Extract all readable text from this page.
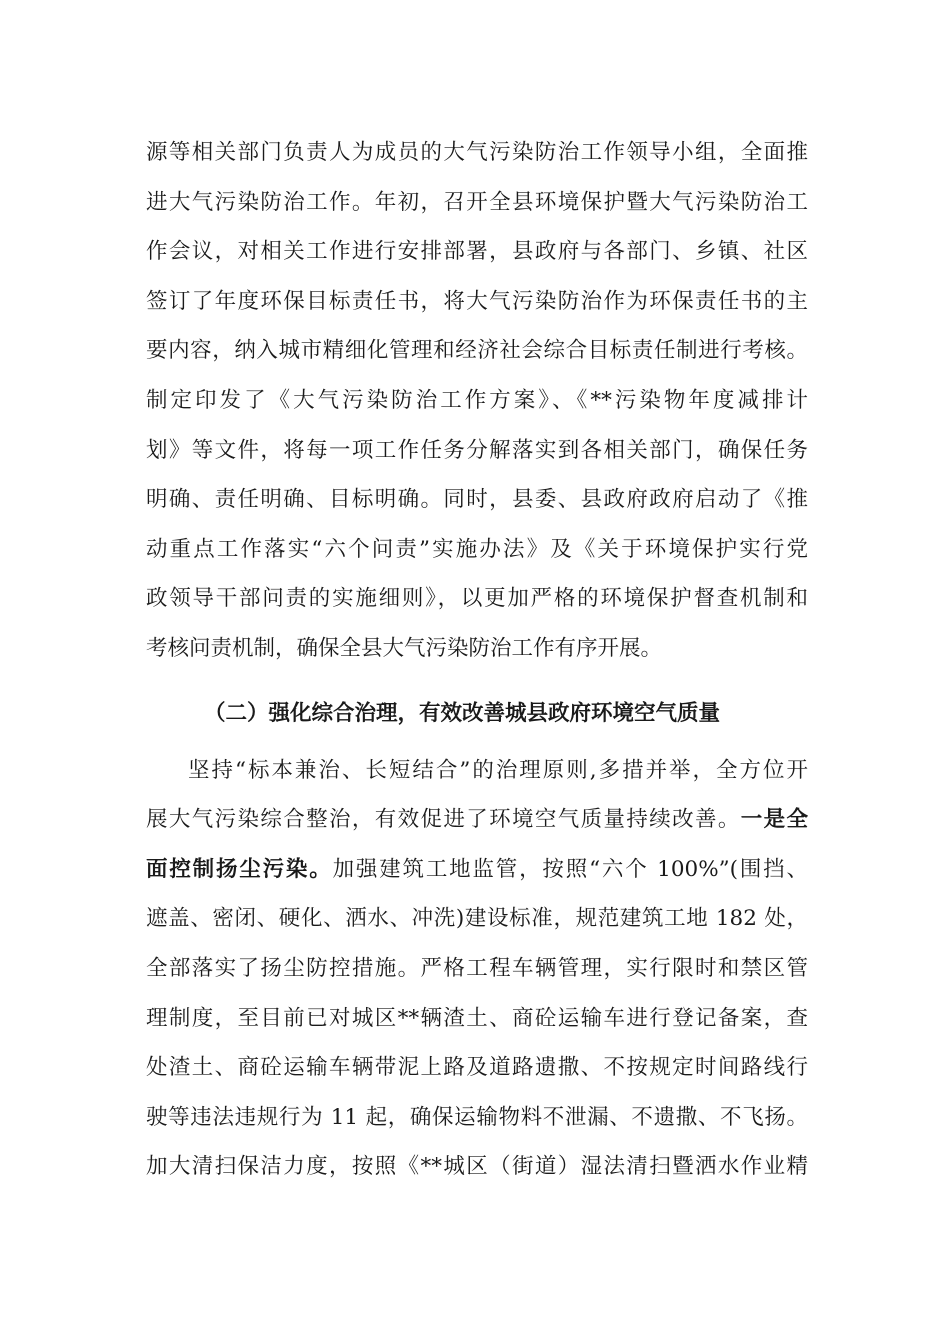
源等相关部门负责人为成员的大气污染防治工作领导小组，全面推
进大气污染防治工作。年初，召开全县环境保护暨大气污染防治工
作会议，对相关工作进行安排部署，县政府与各部门、乡镇、社区
签订了年度环保目标责任书，将大气污染防治作为环保责任书的主
要内容，纳入城市精细化管理和经济社会综合目标责任制进行考核。
制定印发了《大气污染防治工作方案》、《**污染物年度减排计
划》等文件，将每一项工作任务分解落实到各相关部门，确保任务
明确、责任明确、目标明确。同时，县委、县政府政府启动了《推
动重点工作落实“六个问责”实施办法》及《关于环境保护实行党
政领导干部问责的实施细则》，以更加严格的环境保护督查机制和
考核问责机制，确保全县大气污染防治工作有序开展。
（二）强化综合治理，有效改善城县政府环境空气质量
坚持“标本兼治、长短结合”的治理原则,多措并举，全方位开
展大气污染综合整治，有效促进了环境空气质量持续改善。一是全
面控制扬尘污染。加强建筑工地监管，按照“六个 100%”(围挡、
遮盖、密闭、硬化、洒水、冲洗)建设标准，规范建筑工地 182 处，
全部落实了扬尘防控措施。严格工程车辆管理，实行限时和禁区管
理制度，至目前已对城区**辆渣土、商砼运输车进行登记备案，查
处渣土、商砼运输车辆带泥上路及道路遗撒、不按规定时间路线行
驶等违法违规行为 11 起，确保运输物料不泄漏、不遗撒、不飞扬。
加大清扫保洁力度，按照《**城区（街道）湿法清扫暨洒水作业精
